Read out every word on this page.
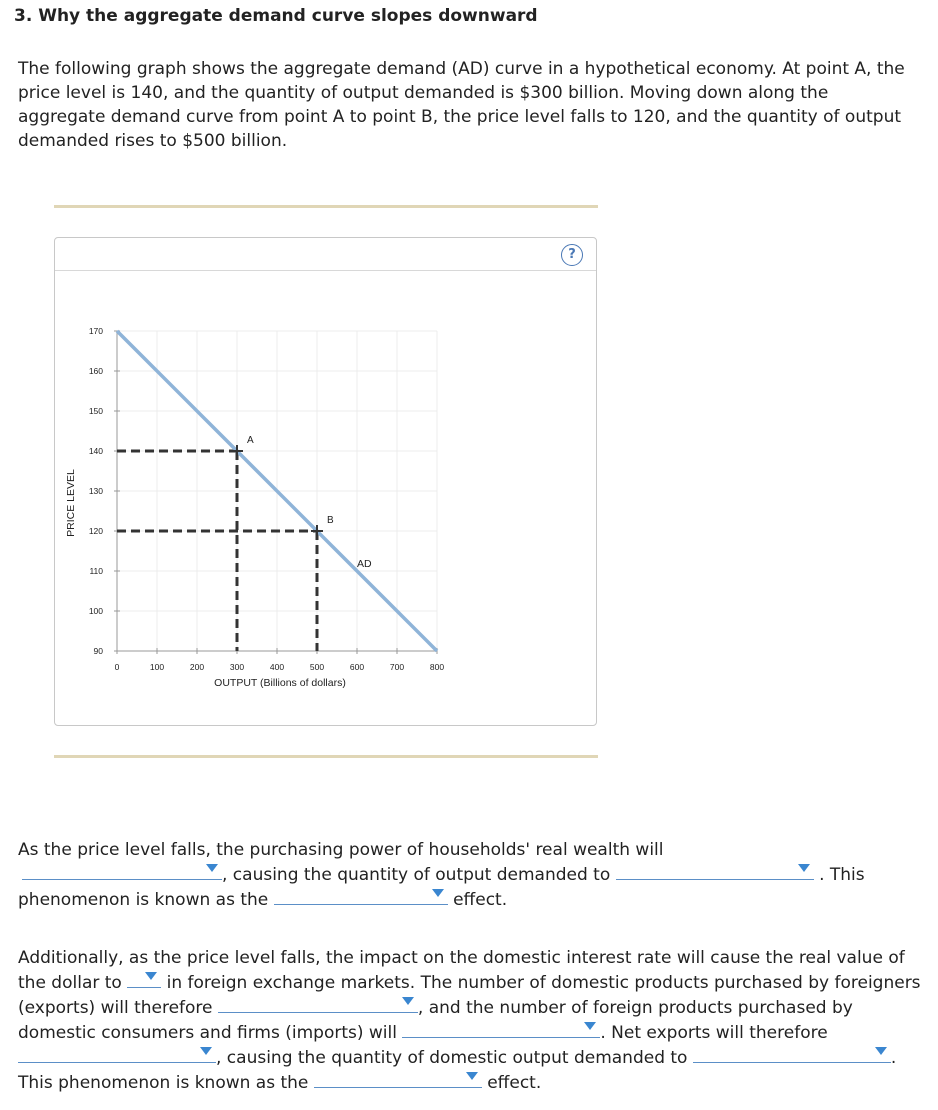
3. Why the aggregate demand curve slopes downward

The following graph shows the aggregate demand (AD) curve in a hypothetical economy. At point A, the price level is 140, and the quantity of output demanded is $300 billion. Moving down along the aggregate demand curve from point A to point B, the price level falls to 120, and the quantity of output demanded rises to $500 billion.

?
90
100
110
120
130
140
150
160
170
0	100	200	300	400	500	600	700	800
OUTPUT (Billions of dollars)
PRICE LEVEL
A
B
AD

As the price level falls, the purchasing power of households' real wealth will

, causing the quantity of output demanded to	. This
phenomenon is known as the	effect.

Additionally, as the price level falls, the impact on the domestic interest rate will cause the real value of the dollar to	in foreign exchange markets. The number of domestic products purchased by foreigners (exports) will therefore	, and the number of foreign products purchased by domestic consumers and firms (imports) will	. Net exports will therefore
, causing the quantity of domestic output demanded to	. This phenomenon is known as the	effect.
